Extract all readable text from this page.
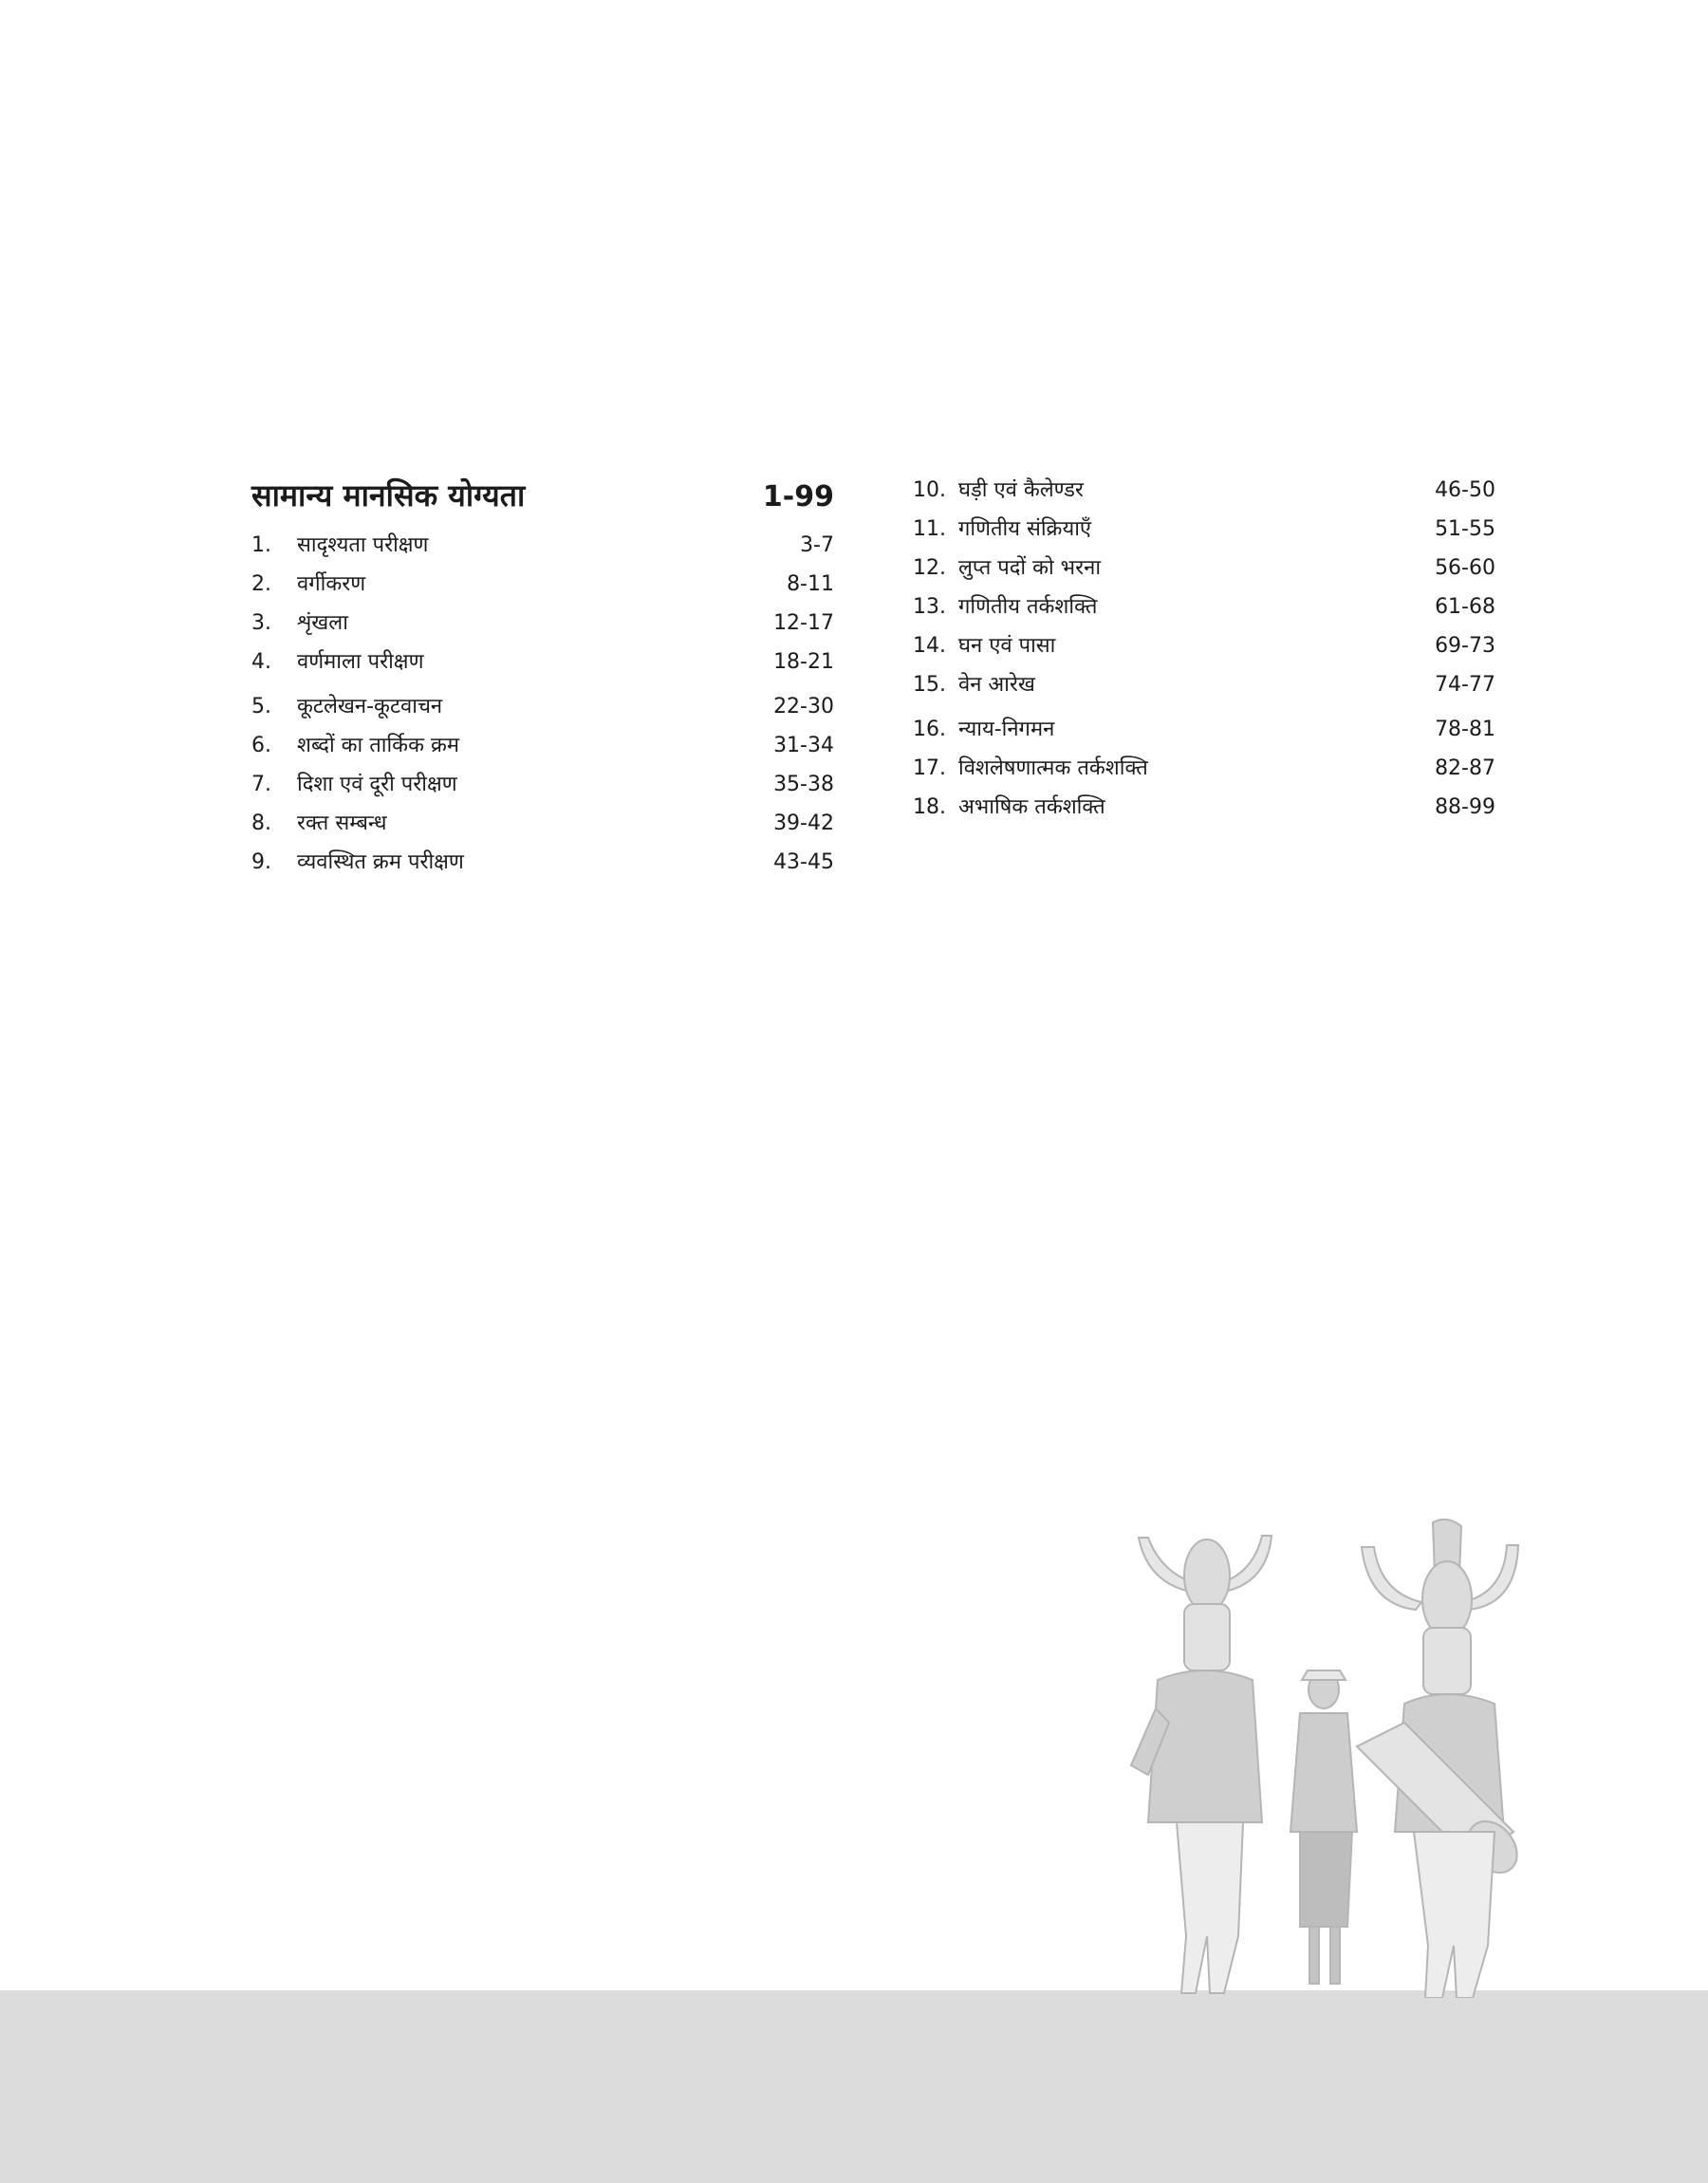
सामान्य मानसिक योग्यता	1-99
1.	सादृश्यता परीक्षण	3-7
2.	वर्गीकरण	8-11
3.	शृंखला	12-17
4.	वर्णमाला परीक्षण	18-21
5.	कूटलेखन-कूटवाचन	22-30
6.	शब्दों का तार्किक क्रम	31-34
7.	दिशा एवं दूरी परीक्षण	35-38
8.	रक्त सम्बन्ध	39-42
9.	व्यवस्थित क्रम परीक्षण	43-45
10. घड़ी एवं कैलेण्डर	46-50
11. गणितीय संक्रियाएँ	51-55
12. लुप्त पदों को भरना	56-60
13. गणितीय तर्कशक्ति	61-68
14. घन एवं पासा	69-73
15. वेन आरेख	74-77
16. न्याय-निगमन	78-81
17. विशलेषणात्मक तर्कशक्ति	82-87
18. अभाषिक तर्कशक्ति	88-99
